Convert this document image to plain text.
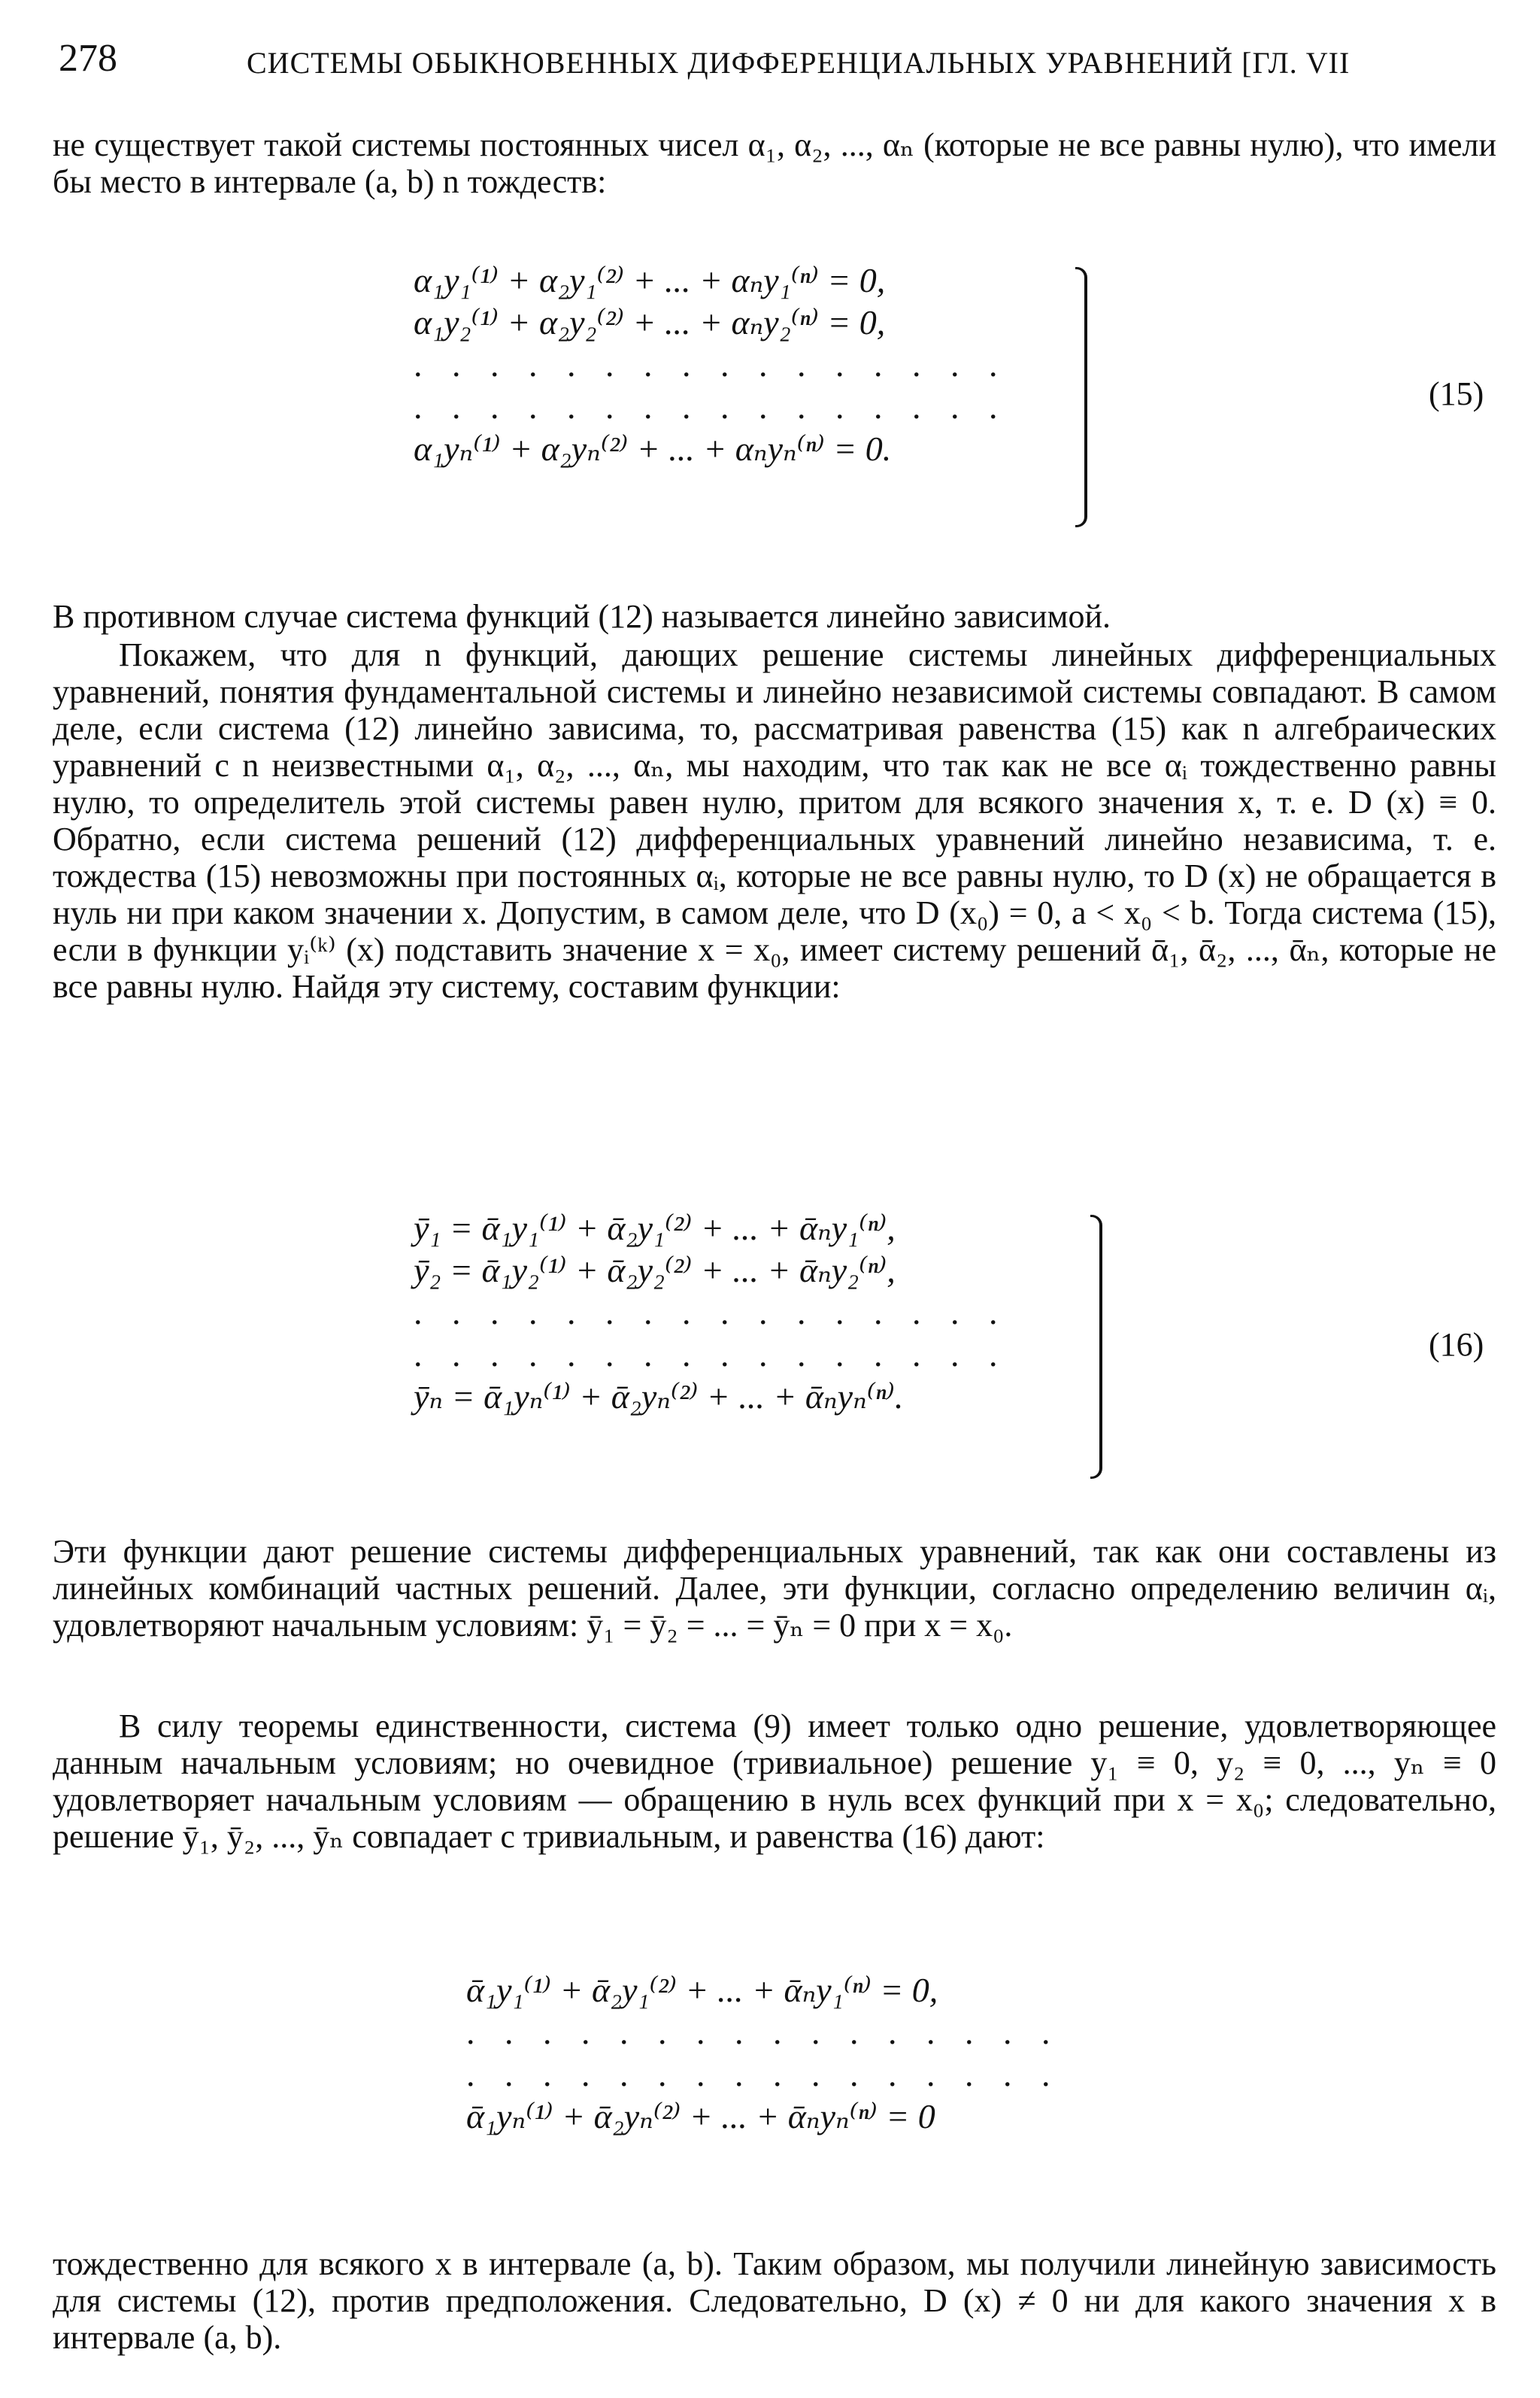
278	СИСТЕМЫ ОБЫКНОВЕННЫХ ДИФФЕРЕНЦИАЛЬНЫХ УРАВНЕНИЙ [ГЛ. VII

не существует такой системы постоянных чисел α₁, α₂, ..., αₙ (которые не все равны нулю), что имели бы место в интервале (a, b) n тождеств:

α₁y₁⁽¹⁾ + α₂y₁⁽²⁾ + ... + αₙy₁⁽ⁿ⁾ = 0,
α₁y₂⁽¹⁾ + α₂y₂⁽²⁾ + ... + αₙy₂⁽ⁿ⁾ = 0,
. . . . . . . . . . . . . . . .
. . . . . . . . . . . . . . . .
α₁yₙ⁽¹⁾ + α₂yₙ⁽²⁾ + ... + αₙyₙ⁽ⁿ⁾ = 0.
(15)

В противном случае система функций (12) называется линейно зависимой.

Покажем, что для n функций, дающих решение системы линейных дифференциальных уравнений, понятия фундаментальной системы и линейно независимой системы совпадают. В самом деле, если система (12) линейно зависима, то, рассматривая равенства (15) как n алгебраических уравнений с n неизвестными α₁, α₂, ..., αₙ, мы находим, что так как не все αᵢ тождественно равны нулю, то определитель этой системы равен нулю, притом для всякого значения x, т. е. D (x) ≡ 0. Обратно, если система решений (12) дифференциальных уравнений линейно независима, т. е. тождества (15) невозможны при постоянных αᵢ, которые не все равны нулю, то D (x) не обращается в нуль ни при каком значении x. Допустим, в самом деле, что D (x₀) = 0, a < x₀ < b. Тогда система (15), если в функции yᵢ⁽ᵏ⁾ (x) подставить значение x = x₀, имеет систему решений ᾱ₁, ᾱ₂, ..., ᾱₙ, которые не все равны нулю. Найдя эту систему, составим функции:

ȳ₁ = ᾱ₁y₁⁽¹⁾ + ᾱ₂y₁⁽²⁾ + ... + ᾱₙy₁⁽ⁿ⁾,
ȳ₂ = ᾱ₁y₂⁽¹⁾ + ᾱ₂y₂⁽²⁾ + ... + ᾱₙy₂⁽ⁿ⁾,
. . . . . . . . . . . . . . . .
. . . . . . . . . . . . . . . .
ȳₙ = ᾱ₁yₙ⁽¹⁾ + ᾱ₂yₙ⁽²⁾ + ... + ᾱₙyₙ⁽ⁿ⁾.
(16)

Эти функции дают решение системы дифференциальных уравнений, так как они составлены из линейных комбинаций частных решений. Далее, эти функции, согласно определению величин αᵢ, удовлетворяют начальным условиям: ȳ₁ = ȳ₂ = ... = ȳₙ = 0 при x = x₀.

В силу теоремы единственности, система (9) имеет только одно решение, удовлетворяющее данным начальным условиям; но очевидное (тривиальное) решение y₁ ≡ 0, y₂ ≡ 0, ..., yₙ ≡ 0 удовлетворяет начальным условиям — обращению в нуль всех функций при x = x₀; следовательно, решение ȳ₁, ȳ₂, ..., ȳₙ совпадает с тривиальным, и равенства (16) дают:

ᾱ₁y₁⁽¹⁾ + ᾱ₂y₁⁽²⁾ + ... + ᾱₙy₁⁽ⁿ⁾ = 0,
. . . . . . . . . . . . . . . .
. . . . . . . . . . . . . . . .
ᾱ₁yₙ⁽¹⁾ + ᾱ₂yₙ⁽²⁾ + ... + ᾱₙyₙ⁽ⁿ⁾ = 0

тождественно для всякого x в интервале (a, b). Таким образом, мы получили линейную зависимость для системы (12), против предположения. Следовательно, D (x) ≠ 0 ни для какого значения x в интервале (a, b).
